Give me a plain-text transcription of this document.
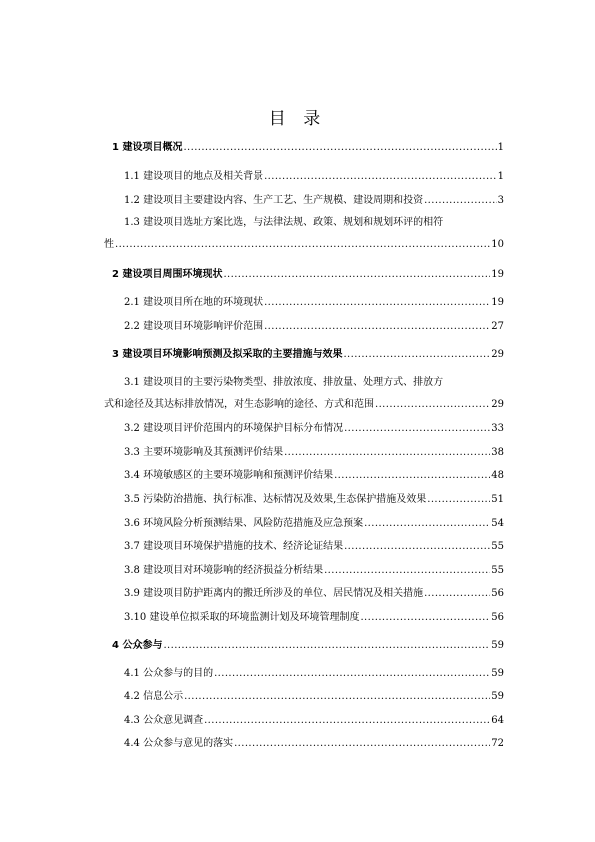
目 录
1 建设项目概况 .....	1
1.1 建设项目的地点及相关背景 .....	1
1.2 建设项目主要建设内容、生产工艺、生产规模、建设周期和投资 .....	3
1.3 建设项目选址方案比选，与法律法规、政策、规划和规划环评的相符
性 .....	10
2 建设项目周围环境现状 .....	19
2.1 建设项目所在地的环境现状 .....	19
2.2 建设项目环境影响评价范围 .....	27
3 建设项目环境影响预测及拟采取的主要措施与效果 .....	29
3.1 建设项目的主要污染物类型、排放浓度、排放量、处理方式、排放方
式和途径及其达标排放情况，对生态影响的途径、方式和范围 .....	29
3.2 建设项目评价范围内的环境保护目标分布情况 .....	33
3.3 主要环境影响及其预测评价结果 .....	38
3.4 环境敏感区的主要环境影响和预测评价结果 .....	48
3.5 污染防治措施、执行标准、达标情况及效果,生态保护措施及效果 .....	51
3.6 环境风险分析预测结果、风险防范措施及应急预案 .....	54
3.7 建设项目环境保护措施的技术、经济论证结果 .....	55
3.8 建设项目对环境影响的经济损益分析结果 .....	55
3.9 建设项目防护距离内的搬迁所涉及的单位、居民情况及相关措施 .....	56
3.10 建设单位拟采取的环境监测计划及环境管理制度 .....	56
4 公众参与 .....	59
4.1 公众参与的目的 .....	59
4.2 信息公示 .....	59
4.3 公众意见调查 .....	64
4.4 公众参与意见的落实 .....	72
